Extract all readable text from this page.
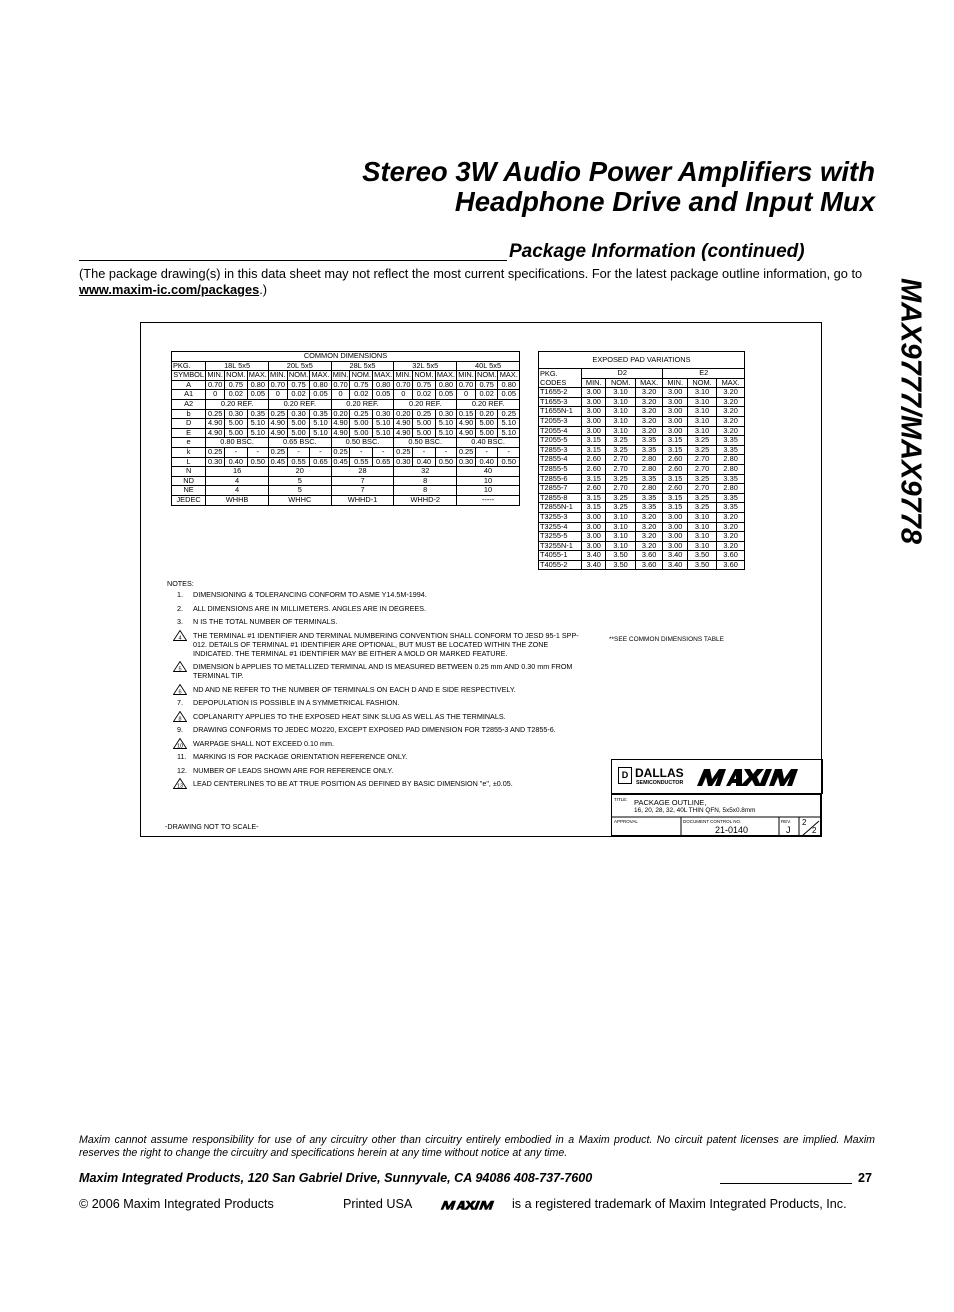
Stereo 3W Audio Power Amplifiers with
Headphone Drive and Input Mux
MAX9777/MAX9778
Package Information (continued)
(The package drawing(s) in this data sheet may not reflect the most current specifications. For the latest package outline information, go to www.maxim-ic.com/packages.)
COMMON DIMENSIONS															
PKG.	18L 5x5			20L 5x5			28L 5x5			32L 5x5			40L 5x5		
SYMBOL	MIN.	NOM.	MAX.	MIN.	NOM.	MAX.	MIN.	NOM.	MAX.	MIN.	NOM.	MAX.	MIN.	NOM.	MAX.
A	0.70	0.75	0.80	0.70	0.75	0.80	0.70	0.75	0.80	0.70	0.75	0.80	0.70	0.75	0.80
A1	0	0.02	0.05	0	0.02	0.05	0	0.02	0.05	0	0.02	0.05	0	0.02	0.05
A2	0.20 REF.			0.20 REF.			0.20 REF.			0.20 REF.			0.20 REF.		
b	0.25	0.30	0.35	0.25	0.30	0.35	0.20	0.25	0.30	0.20	0.25	0.30	0.15	0.20	0.25
D	4.90	5.00	5.10	4.90	5.00	5.10	4.90	5.00	5.10	4.90	5.00	5.10	4.90	5.00	5.10
E	4.90	5.00	5.10	4.90	5.00	5.10	4.90	5.00	5.10	4.90	5.00	5.10	4.90	5.00	5.10
e	0.80 BSC.			0.65 BSC.			0.50 BSC.			0.50 BSC.			0.40 BSC.		
k	0.25	-	-	0.25	-	-	0.25	-	-	0.25	-	-	0.25	-	-
L	0.30	0.40	0.50	0.45	0.55	0.65	0.45	0.55	0.65	0.30	0.40	0.50	0.30	0.40	0.50
N	16			20			28			32			40		
ND	4			5			7			8			10		
NE	4			5			7			8			10		
JEDEC	WHHB			WHHC			WHHD-1			WHHD-2			-----		
EXPOSED PAD VARIATIONS						
PKG. CODES	D2			E2		
	MIN.	NOM.	MAX.	MIN.	NOM.	MAX.
T1655-2	3.00	3.10	3.20	3.00	3.10	3.20
T1655-3	3.00	3.10	3.20	3.00	3.10	3.20
T1655N-1	3.00	3.10	3.20	3.00	3.10	3.20
T2055-3	3.00	3.10	3.20	3.00	3.10	3.20
T2055-4	3.00	3.10	3.20	3.00	3.10	3.20
T2055-5	3.15	3.25	3.35	3.15	3.25	3.35
T2855-3	3.15	3.25	3.35	3.15	3.25	3.35
T2855-4	2.60	2.70	2.80	2.60	2.70	2.80
T2855-5	2.60	2.70	2.80	2.60	2.70	2.80
T2855-6	3.15	3.25	3.35	3.15	3.25	3.35
T2855-7	2.60	2.70	2.80	2.60	2.70	2.80
T2855-8	3.15	3.25	3.35	3.15	3.25	3.35
T2855N-1	3.15	3.25	3.35	3.15	3.25	3.35
T3255-3	3.00	3.10	3.20	3.00	3.10	3.20
T3255-4	3.00	3.10	3.20	3.00	3.10	3.20
T3255-5	3.00	3.10	3.20	3.00	3.10	3.20
T3255N-1	3.00	3.10	3.20	3.00	3.10	3.20
T4055-1	3.40	3.50	3.60	3.40	3.50	3.60
T4055-2	3.40	3.50	3.60	3.40	3.50	3.60
**SEE COMMON DIMENSIONS TABLE
NOTES:
1.	DIMENSIONING & TOLERANCING CONFORM TO ASME Y14.5M-1994.
2.	ALL DIMENSIONS ARE IN MILLIMETERS. ANGLES ARE IN DEGREES.
3.	N IS THE TOTAL NUMBER OF TERMINALS.
4 THE TERMINAL #1 IDENTIFIER AND TERMINAL NUMBERING CONVENTION SHALL CONFORM TO JESD 95-1 SPP-012. DETAILS OF TERMINAL #1 IDENTIFIER ARE OPTIONAL, BUT MUST BE LOCATED WITHIN THE ZONE INDICATED. THE TERMINAL #1 IDENTIFIER MAY BE EITHER A MOLD OR MARKED FEATURE.
5 DIMENSION b APPLIES TO METALLIZED TERMINAL AND IS MEASURED BETWEEN 0.25 mm AND 0.30 mm FROM TERMINAL TIP.
6 ND AND NE REFER TO THE NUMBER OF TERMINALS ON EACH D AND E SIDE RESPECTIVELY.
7.	DEPOPULATION IS POSSIBLE IN A SYMMETRICAL FASHION.
8 COPLANARITY APPLIES TO THE EXPOSED HEAT SINK SLUG AS WELL AS THE TERMINALS.
9.	DRAWING CONFORMS TO JEDEC MO220, EXCEPT EXPOSED PAD DIMENSION FOR T2855-3 AND T2855-6.
10 WARPAGE SHALL NOT EXCEED 0.10 mm.
11. MARKING IS FOR PACKAGE ORIENTATION REFERENCE ONLY.
12. NUMBER OF LEADS SHOWN ARE FOR REFERENCE ONLY.
13 LEAD CENTERLINES TO BE AT TRUE POSITION AS DEFINED BY BASIC DIMENSION "e", ±0.05.
-DRAWING NOT TO SCALE-
D DALLAS
SEMICONDUCTOR
TITLE: PACKAGE OUTLINE,
16, 20, 28, 32, 40L THIN QFN, 5x5x0.8mm
APPROVAL	DOCUMENT CONTROL NO.
21-0140
REV.
J
2
2
Maxim cannot assume responsibility for use of any circuitry other than circuitry entirely embodied in a Maxim product. No circuit patent licenses are implied. Maxim reserves the right to change the circuitry and specifications herein at any time without notice at any time.
Maxim Integrated Products, 120 San Gabriel Drive, Sunnyvale, CA 94086 408-737-7600	27
© 2006 Maxim Integrated Products	Printed USA	is a registered trademark of Maxim Integrated Products, Inc.
